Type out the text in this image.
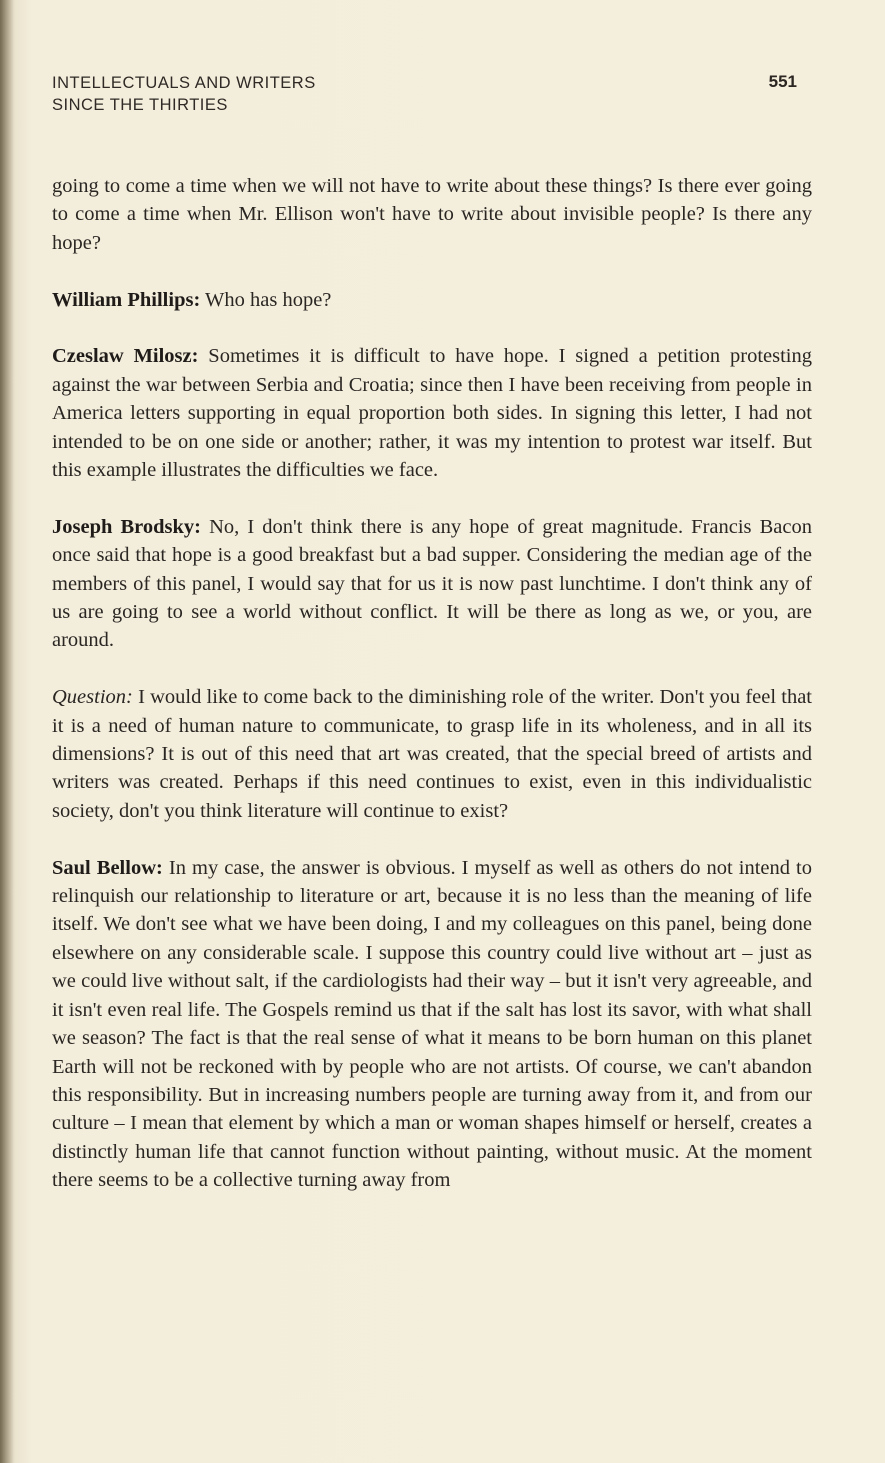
INTELLECTUALS AND WRITERS
SINCE THE THIRTIES
551

going to come a time when we will not have to write about these things? Is there ever going to come a time when Mr. Ellison won't have to write about invisible people? Is there any hope?

William Phillips: Who has hope?

Czeslaw Milosz: Sometimes it is difficult to have hope. I signed a petition protesting against the war between Serbia and Croatia; since then I have been receiving from people in America letters supporting in equal proportion both sides. In signing this letter, I had not intended to be on one side or another; rather, it was my intention to protest war itself. But this example illustrates the difficulties we face.

Joseph Brodsky: No, I don't think there is any hope of great magnitude. Francis Bacon once said that hope is a good breakfast but a bad supper. Considering the median age of the members of this panel, I would say that for us it is now past lunchtime. I don't think any of us are going to see a world without conflict. It will be there as long as we, or you, are around.

Question: I would like to come back to the diminishing role of the writer. Don't you feel that it is a need of human nature to communicate, to grasp life in its wholeness, and in all its dimensions? It is out of this need that art was created, that the special breed of artists and writers was created. Perhaps if this need continues to exist, even in this individualistic society, don't you think literature will continue to exist?

Saul Bellow: In my case, the answer is obvious. I myself as well as others do not intend to relinquish our relationship to literature or art, because it is no less than the meaning of life itself. We don't see what we have been doing, I and my colleagues on this panel, being done elsewhere on any considerable scale. I suppose this country could live without art – just as we could live without salt, if the cardiologists had their way – but it isn't very agreeable, and it isn't even real life. The Gospels remind us that if the salt has lost its savor, with what shall we season? The fact is that the real sense of what it means to be born human on this planet Earth will not be reckoned with by people who are not artists. Of course, we can't abandon this responsibility. But in increasing numbers people are turning away from it, and from our culture – I mean that element by which a man or woman shapes himself or herself, creates a distinctly human life that cannot function without painting, without music. At the moment there seems to be a collective turning away from
